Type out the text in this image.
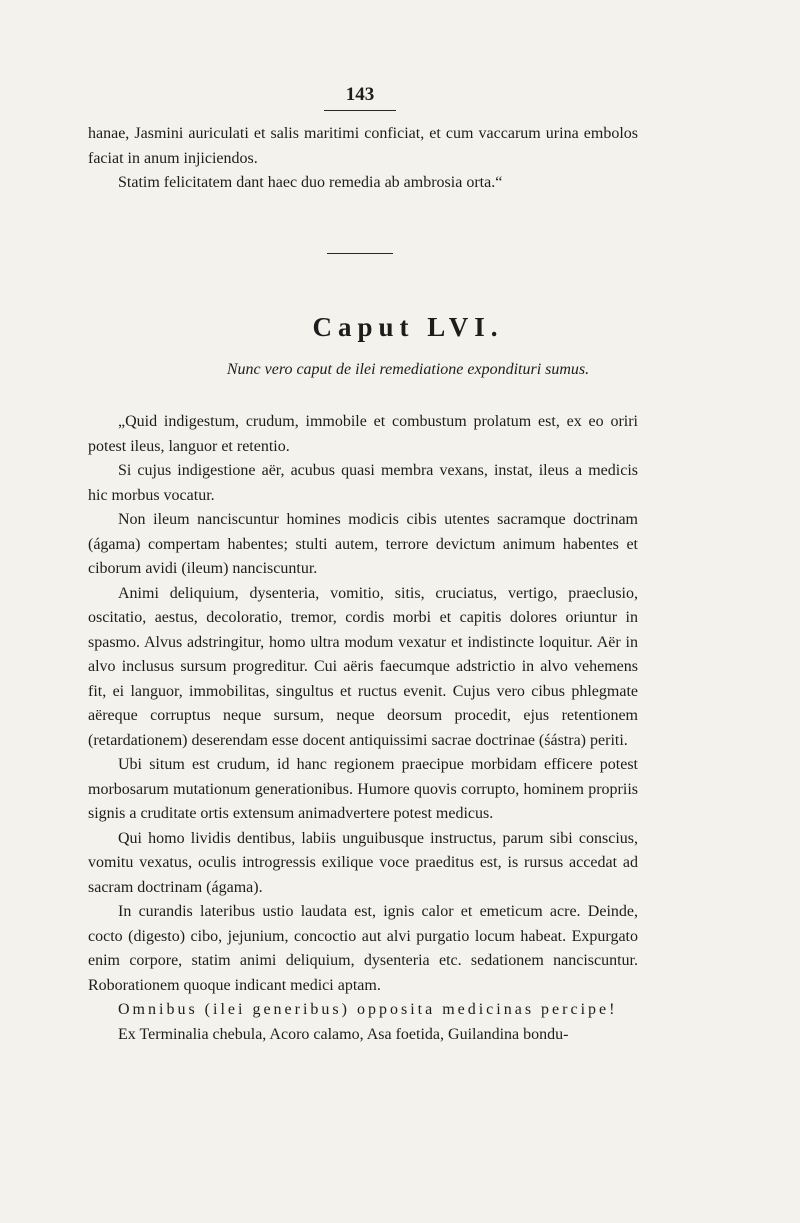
143

hanae, Jasmini auriculati et salis maritimi conficiat, et cum vaccarum urina embolos faciat in anum injiciendos.

Statim felicitatem dant haec duo remedia ab ambrosia orta.“

Caput LVI.
Nunc vero caput de ilei remediatione expondituri sumus.

„Quid indigestum, crudum, immobile et combustum prolatum est, ex eo oriri potest ileus, languor et retentio.

Si cujus indigestione aër, acubus quasi membra vexans, instat, ileus a medicis hic morbus vocatur.

Non ileum nanciscuntur homines modicis cibis utentes sacramque doctrinam (ágama) compertam habentes; stulti autem, terrore devictum animum habentes et ciborum avidi (ileum) nanciscuntur.

Animi deliquium, dysenteria, vomitio, sitis, cruciatus, vertigo, praeclusio, oscitatio, aestus, decoloratio, tremor, cordis morbi et capitis dolores oriuntur in spasmo. Alvus adstringitur, homo ultra modum vexatur et indistincte loquitur. Aër in alvo inclusus sursum progreditur. Cui aëris faecumque adstrictio in alvo vehemens fit, ei languor, immobilitas, singultus et ructus evenit. Cujus vero cibus phlegmate aëreque corruptus neque sursum, neque deorsum procedit, ejus retentionem (retardationem) deserendam esse docent antiquissimi sacrae doctrinae (śástra) periti.

Ubi situm est crudum, id hanc regionem praecipue morbidam efficere potest morbosarum mutationum generationibus. Humore quovis corrupto, hominem propriis signis a cruditate ortis extensum animadvertere potest medicus.

Qui homo lividis dentibus, labiis unguibusque instructus, parum sibi conscius, vomitu vexatus, oculis introgressis exilique voce praeditus est, is rursus accedat ad sacram doctrinam (ágama).

In curandis lateribus ustio laudata est, ignis calor et emeticum acre. Deinde, cocto (digesto) cibo, jejunium, concoctio aut alvi purgatio locum habeat. Expurgato enim corpore, statim animi deliquium, dysenteria etc. sedationem nanciscuntur. Roborationem quoque indicant medici aptam.

Omnibus (ilei generibus) opposita medicinas percipe!

Ex Terminalia chebula, Acoro calamo, Asa foetida, Guilandina bondu-
